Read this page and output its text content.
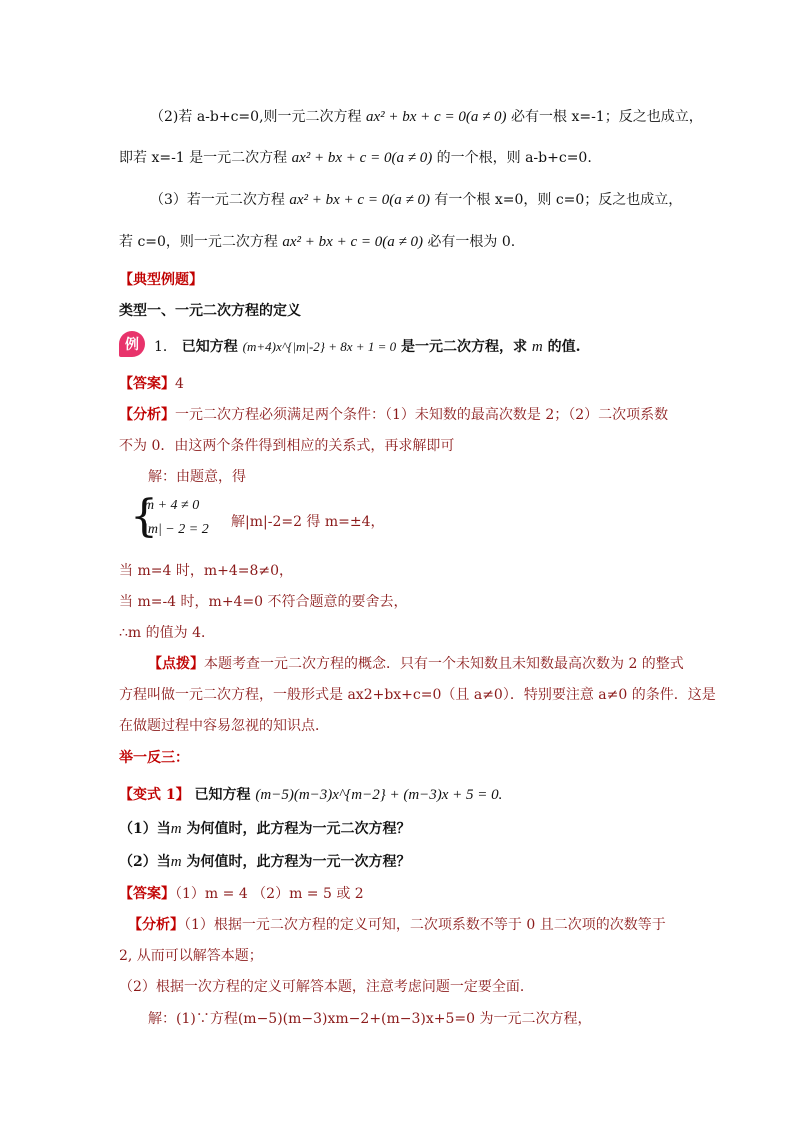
（2)若 a-b+c=0,则一元二次方程 ax² + bx + c = 0(a ≠ 0) 必有一根 x=-1；反之也成立，
即若 x=-1 是一元二次方程 ax² + bx + c = 0(a ≠ 0) 的一个根，则 a-b+c=0.
（3）若一元二次方程 ax² + bx + c = 0(a ≠ 0) 有一个根 x=0，则 c=0；反之也成立，
若 c=0，则一元二次方程 ax² + bx + c = 0(a ≠ 0) 必有一根为 0.
【典型例题】
类型一、一元二次方程的定义
例	1． 已知方程 (m+4)x^{|m|-2} + 8x + 1 = 0 是一元二次方程，求 m 的值.
【答案】4
【分析】一元二次方程必须满足两个条件：（1）未知数的最高次数是 2；（2）二次项系数
不为 0．由这两个条件得到相应的关系式，再求解即可
解：由题意，得
{
m + 4 ≠ 0
|m| − 2 = 2 解|m|-2=2 得 m=±4，
当 m=4 时，m+4=8≠0，
当 m=-4 时，m+4=0 不符合题意的要舍去，
∴m 的值为 4．
【点拨】本题考查一元二次方程的概念．只有一个未知数且未知数最高次数为 2 的整式
方程叫做一元二次方程，一般形式是 ax2+bx+c=0（且 a≠0）．特别要注意 a≠0 的条件．这是
在做题过程中容易忽视的知识点．
举一反三：
【变式 1】 已知方程 (m−5)(m−3)x^{m−2} + (m−3)x + 5 = 0.
（1）当m 为何值时，此方程为一元二次方程？
（2）当m 为何值时，此方程为一元一次方程？
【答案】（1）m = 4 （2）m = 5 或 2
【分析】（1）根据一元二次方程的定义可知，二次项系数不等于 0 且二次项的次数等于
2, 从而可以解答本题；
（2）根据一次方程的定义可解答本题，注意考虑问题一定要全面．
解：(1)∵方程(m−5)(m−3)xm−2+(m−3)x+5=0 为一元二次方程，
